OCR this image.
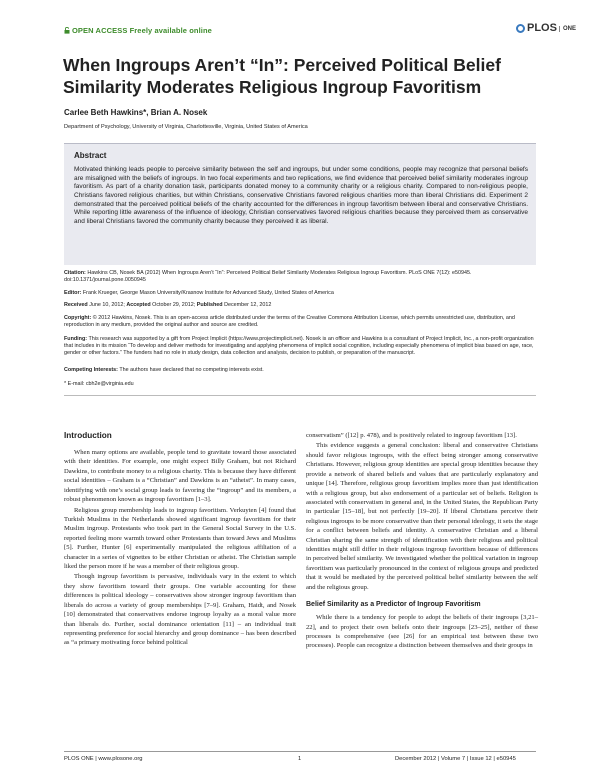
OPEN ACCESS Freely available online	PLOS ONE
When Ingroups Aren’t “In”: Perceived Political Belief Similarity Moderates Religious Ingroup Favoritism
Carlee Beth Hawkins*, Brian A. Nosek
Department of Psychology, University of Virginia, Charlottesville, Virginia, United States of America
Abstract
Motivated thinking leads people to perceive similarity between the self and ingroups, but under some conditions, people may recognize that personal beliefs are misaligned with the beliefs of ingroups. In two focal experiments and two replications, we find evidence that perceived belief similarity moderates ingroup favoritism. As part of a charity donation task, participants donated money to a community charity or a religious charity. Compared to non-religious people, Christians favored religious charities, but within Christians, conservative Christians favored religious charities more than liberal Christians did. Experiment 2 demonstrated that the perceived political beliefs of the charity accounted for the differences in ingroup favoritism between liberal and conservative Christians. While reporting little awareness of the influence of ideology, Christian conservatives favored religious charities because they perceived them as conservative and liberal Christians favored the community charity because they perceived it as liberal.
Citation: Hawkins CB, Nosek BA (2012) When Ingroups Aren’t “In”: Perceived Political Belief Similarity Moderates Religious Ingroup Favoritism. PLoS ONE 7(12): e50945. doi:10.1371/journal.pone.0050945
Editor: Frank Krueger, George Mason University/Krasnow Institute for Advanced Study, United States of America
Received June 10, 2012; Accepted October 29, 2012; Published December 12, 2012
Copyright: © 2012 Hawkins, Nosek. This is an open-access article distributed under the terms of the Creative Commons Attribution License, which permits unrestricted use, distribution, and reproduction in any medium, provided the original author and source are credited.
Funding: This research was supported by a gift from Project Implicit (https://www.projectimplicit.net). Nosek is an officer and Hawkins is a consultant of Project Implicit, Inc., a non-profit organization that includes in its mission “To develop and deliver methods for investigating and applying phenomena of implicit social cognition, including especially phenomena of implicit bias based on age, race, gender or other factors.” The funders had no role in study design, data collection and analysis, decision to publish, or preparation of the manuscript.
Competing Interests: The authors have declared that no competing interests exist.
* E-mail: cbh2e@virginia.edu
Introduction

When many options are available, people tend to gravitate toward those associated with their identities. For example, one might expect Billy Graham, but not Richard Dawkins, to contribute money to a religious charity. This is because they have different social identities – Graham is a “Christian” and Dawkins is an “atheist”. In many cases, identifying with one’s social group leads to favoring the “ingroup” and its members, a robust phenomenon known as ingroup favoritism [1–3].

Religious group membership leads to ingroup favoritism. Verkuyten [4] found that Turkish Muslims in the Netherlands showed significant ingroup favoritism for their Muslim ingroup. Protestants who took part in the General Social Survey in the U.S. reported feeling more warmth toward other Protestants than toward Jews and Muslims [5]. Further, Hunter [6] experimentally manipulated the religious affiliation of a character in a series of vignettes to be either Christian or atheist. The Christian sample liked the person more if he was a member of their religious group.

Though ingroup favoritism is pervasive, individuals vary in the extent to which they show favoritism toward their groups. One variable accounting for these differences is political ideology – conservatives show stronger ingroup favoritism than liberals do across a variety of group memberships [7–9]. Graham, Haidt, and Nosek [10] demonstrated that conservatives endorse ingroup loyalty as a moral value more than liberals do. Further, social dominance orientation [11] – an individual trait representing preference for social hierarchy and group dominance – has been described as “a primary motivating force behind political

conservatism” ([12] p. 478), and is positively related to ingroup favoritism [13].

This evidence suggests a general conclusion: liberal and conservative Christians should favor religious ingroups, with the effect being stronger among conservative Christians. However, religious group identities are special group identities because they provide a network of shared beliefs and values that are particularly explanatory and unique [14]. Therefore, religious group favoritism implies more than just identification with a religious group, but also endorsement of a particular set of beliefs. Religion is associated with conservatism in general and, in the United States, the Republican Party in particular [15–18], but not perfectly [19–20]. If liberal Christians perceive their religious ingroups to be more conservative than their personal ideology, it sets the stage for a conflict between beliefs and identity. A conservative Christian and a liberal Christian sharing the same strength of identification with their religious and political identities might still differ in their religious ingroup favoritism because of differences in perceived belief similarity. We investigated whether the political variation in ingroup favoritism was particularly pronounced in the context of religious groups and predicted that it would be mediated by the perceived political belief similarity between the self and the religious group.

Belief Similarity as a Predictor of Ingroup Favoritism

While there is a tendency for people to adopt the beliefs of their ingroups [3,21–22], and to project their own beliefs onto their ingroups [23–25], neither of these processes is comprehensive (see [26] for an empirical test between these two processes). People can recognize a distinction between themselves and their groups in

PLOS ONE | www.plosone.org	1	December 2012 | Volume 7 | Issue 12 | e50945
